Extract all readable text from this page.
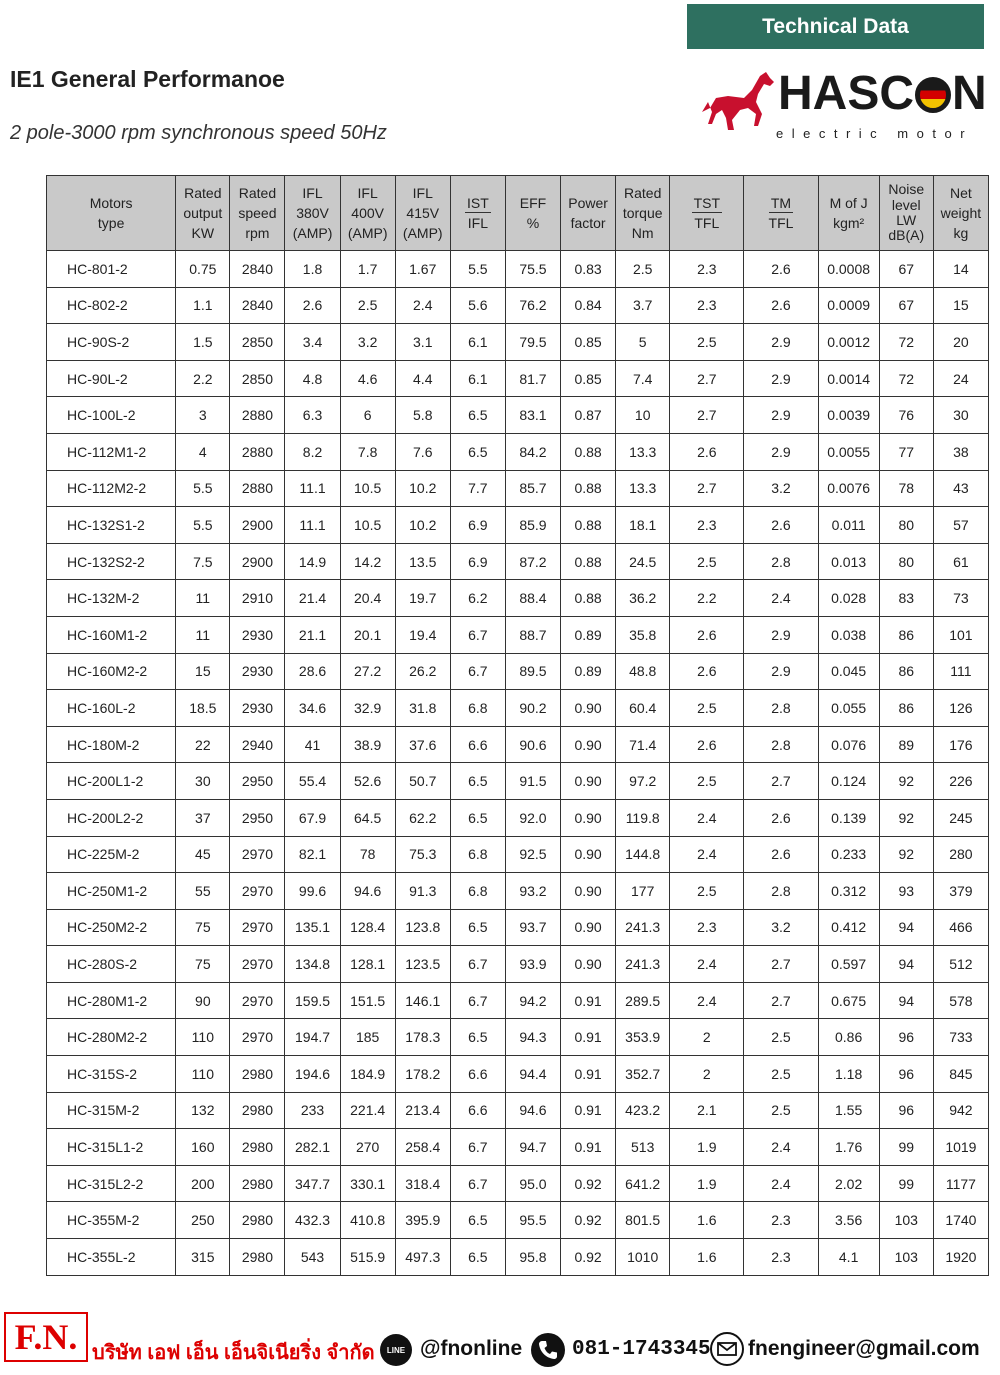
Technical Data
IE1 General Performanoe
2 pole-3000 rpm synchronous speed 50Hz
HASC N
electric motor
Motors
type	Rated
output
KW	Rated
speed
rpm	IFL
380V
(AMP)	IFL
400V
(AMP)	IFL
415V
(AMP)	IST
IFL	EFF
%	Power
factor	Rated
torque
Nm	TST
TFL	TM
TFL	M of J
kgm²	Noise
level
LW
dB(A)	Net
weight
kg
HC-801-2	0.75	2840	1.8	1.7	1.67	5.5	75.5	0.83	2.5	2.3	2.6	0.0008	67	14
HC-802-2	1.1	2840	2.6	2.5	2.4	5.6	76.2	0.84	3.7	2.3	2.6	0.0009	67	15
HC-90S-2	1.5	2850	3.4	3.2	3.1	6.1	79.5	0.85	5	2.5	2.9	0.0012	72	20
HC-90L-2	2.2	2850	4.8	4.6	4.4	6.1	81.7	0.85	7.4	2.7	2.9	0.0014	72	24
HC-100L-2	3	2880	6.3	6	5.8	6.5	83.1	0.87	10	2.7	2.9	0.0039	76	30
HC-112M1-2	4	2880	8.2	7.8	7.6	6.5	84.2	0.88	13.3	2.6	2.9	0.0055	77	38
HC-112M2-2	5.5	2880	11.1	10.5	10.2	7.7	85.7	0.88	13.3	2.7	3.2	0.0076	78	43
HC-132S1-2	5.5	2900	11.1	10.5	10.2	6.9	85.9	0.88	18.1	2.3	2.6	0.011	80	57
HC-132S2-2	7.5	2900	14.9	14.2	13.5	6.9	87.2	0.88	24.5	2.5	2.8	0.013	80	61
HC-132M-2	11	2910	21.4	20.4	19.7	6.2	88.4	0.88	36.2	2.2	2.4	0.028	83	73
HC-160M1-2	11	2930	21.1	20.1	19.4	6.7	88.7	0.89	35.8	2.6	2.9	0.038	86	101
HC-160M2-2	15	2930	28.6	27.2	26.2	6.7	89.5	0.89	48.8	2.6	2.9	0.045	86	111
HC-160L-2	18.5	2930	34.6	32.9	31.8	6.8	90.2	0.90	60.4	2.5	2.8	0.055	86	126
HC-180M-2	22	2940	41	38.9	37.6	6.6	90.6	0.90	71.4	2.6	2.8	0.076	89	176
HC-200L1-2	30	2950	55.4	52.6	50.7	6.5	91.5	0.90	97.2	2.5	2.7	0.124	92	226
HC-200L2-2	37	2950	67.9	64.5	62.2	6.5	92.0	0.90	119.8	2.4	2.6	0.139	92	245
HC-225M-2	45	2970	82.1	78	75.3	6.8	92.5	0.90	144.8	2.4	2.6	0.233	92	280
HC-250M1-2	55	2970	99.6	94.6	91.3	6.8	93.2	0.90	177	2.5	2.8	0.312	93	379
HC-250M2-2	75	2970	135.1	128.4	123.8	6.5	93.7	0.90	241.3	2.3	3.2	0.412	94	466
HC-280S-2	75	2970	134.8	128.1	123.5	6.7	93.9	0.90	241.3	2.4	2.7	0.597	94	512
HC-280M1-2	90	2970	159.5	151.5	146.1	6.7	94.2	0.91	289.5	2.4	2.7	0.675	94	578
HC-280M2-2	110	2970	194.7	185	178.3	6.5	94.3	0.91	353.9	2	2.5	0.86	96	733
HC-315S-2	110	2980	194.6	184.9	178.2	6.6	94.4	0.91	352.7	2	2.5	1.18	96	845
HC-315M-2	132	2980	233	221.4	213.4	6.6	94.6	0.91	423.2	2.1	2.5	1.55	96	942
HC-315L1-2	160	2980	282.1	270	258.4	6.7	94.7	0.91	513	1.9	2.4	1.76	99	1019
HC-315L2-2	200	2980	347.7	330.1	318.4	6.7	95.0	0.92	641.2	1.9	2.4	2.02	99	1177
HC-355M-2	250	2980	432.3	410.8	395.9	6.5	95.5	0.92	801.5	1.6	2.3	3.56	103	1740
HC-355L-2	315	2980	543	515.9	497.3	6.5	95.8	0.92	1010	1.6	2.3	4.1	103	1920
F.N. บริษัท เอฟ เอ็น เอ็นจิเนียริ่ง จำกัด	LINE @fnonline 081-1743345 fnengineer@gmail.com
